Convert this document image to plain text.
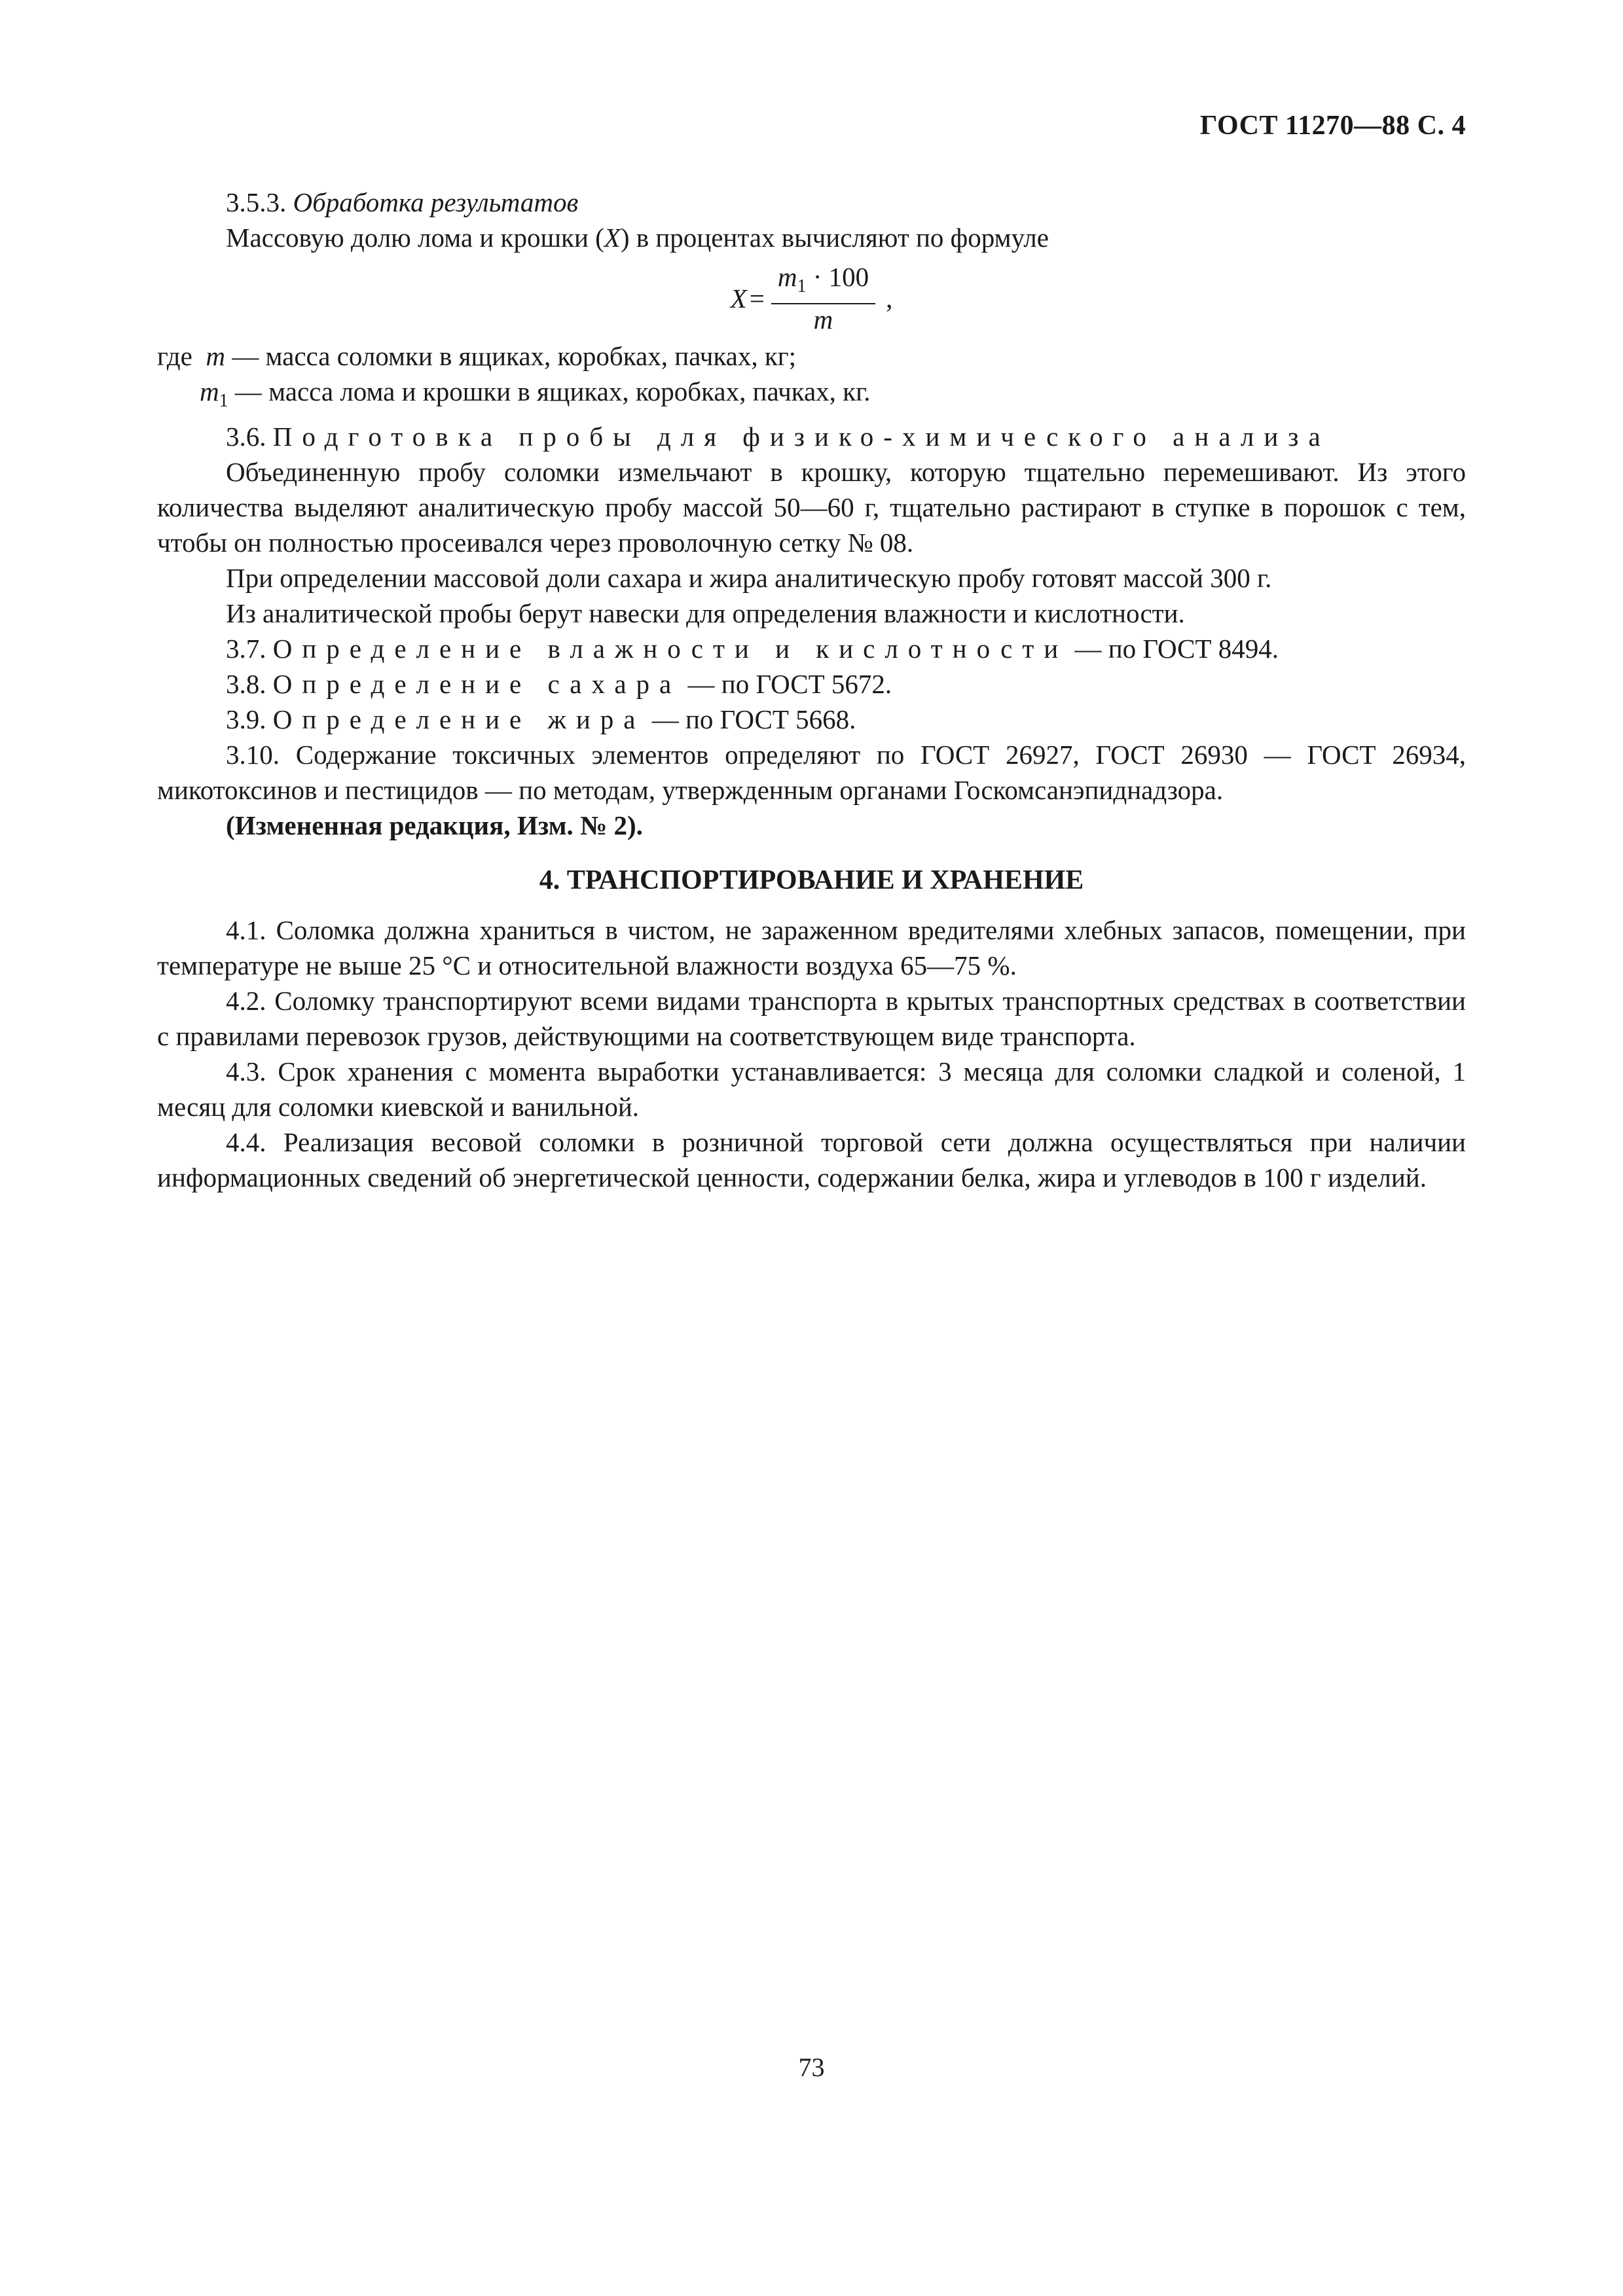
ГОСТ 11270—88 С. 4

3.5.3. Обработка результатов

Массовую долю лома и крошки (X) в процентах вычисляют по формуле

$X = \frac{m_1 \cdot 100}{m}$ ,

где m — масса соломки в ящиках, коробках, пачках, кг;

$m_1$ — масса лома и крошки в ящиках, коробках, пачках, кг.

3.6. Подготовка пробы для физико-химического анализа

Объединенную пробу соломки измельчают в крошку, которую тщательно перемешивают. Из этого количества выделяют аналитическую пробу массой 50—60 г, тщательно растирают в ступке в порошок с тем, чтобы он полностью просеивался через проволочную сетку № 08.

При определении массовой доли сахара и жира аналитическую пробу готовят массой 300 г.

Из аналитической пробы берут навески для определения влажности и кислотности.

3.7. Определение влажности и кислотности — по ГОСТ 8494.

3.8. Определение сахара — по ГОСТ 5672.

3.9. Определение жира — по ГОСТ 5668.

3.10. Содержание токсичных элементов определяют по ГОСТ 26927, ГОСТ 26930 — ГОСТ 26934, микотоксинов и пестицидов — по методам, утвержденным органами Госкомсанэпиднадзора.

(Измененная редакция, Изм. № 2).

4. ТРАНСПОРТИРОВАНИЕ И ХРАНЕНИЕ

4.1. Соломка должна храниться в чистом, не зараженном вредителями хлебных запасов, помещении, при температуре не выше 25 °С и относительной влажности воздуха 65—75 %.

4.2. Соломку транспортируют всеми видами транспорта в крытых транспортных средствах в соответствии с правилами перевозок грузов, действующими на соответствующем виде транспорта.

4.3. Срок хранения с момента выработки устанавливается: 3 месяца для соломки сладкой и соленой, 1 месяц для соломки киевской и ванильной.

4.4. Реализация весовой соломки в розничной торговой сети должна осуществляться при наличии информационных сведений об энергетической ценности, содержании белка, жира и углеводов в 100 г изделий.

73
